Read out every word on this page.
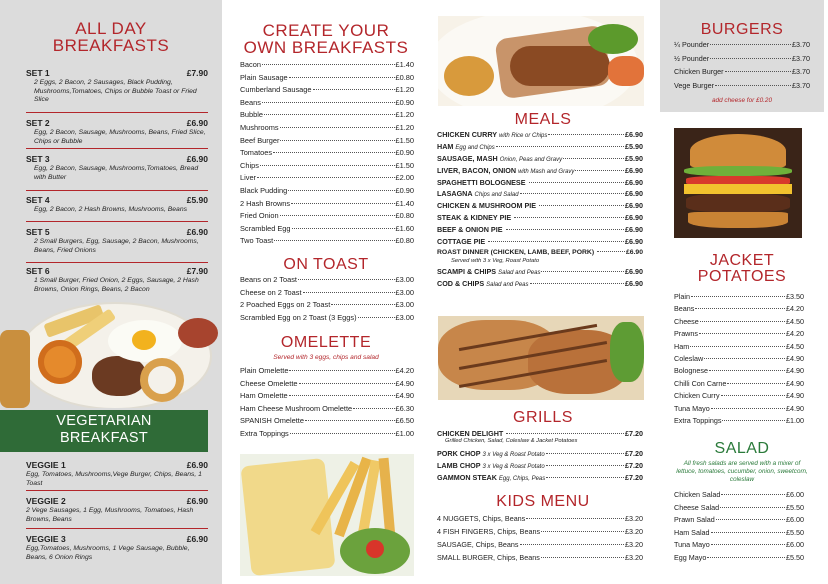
ALL DAY
BREAKFASTS
SET 1	£7.90
2 Eggs, 2 Bacon, 2 Sausages, Black Pudding, Mushrooms,Tomatoes, Chips or Bubble Toast or Fried Slice
SET 2	£6.90
Egg, 2 Bacon, Sausage, Mushrooms, Beans, Fried Slice, Chips or Bubble
SET 3	£6.90
Egg, 2 Bacon, Sausage, Mushrooms,Tomatoes, Bread with Butter
SET 4	£5.90
Egg, 2 Bacon, 2 Hash Browns, Mushrooms, Beans
SET 5	£6.90
2 Small Burgers, Egg, Sausage, 2 Bacon, Mushrooms, Beans, Fried Onions
SET 6	£7.90
1 Small Burger, Fried Onion, 2 Eggs, Sausage, 2 Hash Browns, Onion Rings, Beans, 2 Bacon
VEGETARIAN
BREAKFAST
VEGGIE 1	£6.90
Egg, Tomatoes, Mushrooms,Vege Burger, Chips, Beans, 1 Toast
VEGGIE 2	£6.90
2 Vege Sausages, 1 Egg, Mushrooms, Tomatoes, Hash Browns, Beans
VEGGIE 3	£6.90
Egg,Tomatoes, Mushrooms, 1 Vege Sausage, Bubble, Beans, 6 Onion Rings
CREATE YOUR
OWN BREAKFASTS
Bacon	£1.40
Plain Sausage	£0.80
Cumberland Sausage	£1.20
Beans	£0.90
Bubble	£1.20
Mushrooms	£1.20
Beef Burger	£1.50
Tomatoes	£0.90
Chips	£1.50
Liver	£2.00
Black Pudding	£0.90
2 Hash Browns	£1.40
Fried Onion	£0.80
Scrambled Egg	£1.60
Two Toast	£0.80
ON TOAST
Beans on 2 Toast	£3.00
Cheese on 2 Toast	£3.00
2 Poached Eggs on 2 Toast	£3.00
Scrambled Egg on 2 Toast (3 Eggs)	£3.00
OMELETTE
Served with 3 eggs, chips and salad
Plain Omelette	£4.20
Cheese Omelette	£4.90
Ham Omelette	£4.90
Ham Cheese Mushroom Omelette	£6.30
SPANISH Omelette	£6.50
Extra Toppings	£1.00
MEALS
CHICKEN CURRY with Rice or Chips	£6.90
HAM Egg and Chips	£5.90
SAUSAGE, MASH Onion, Peas and Gravy	£5.90
LIVER, BACON, ONION with Mash and Gravy	£6.90
SPAGHETTI BOLOGNESE	£6.90
LASAGNA Chips and Salad	£6.90
CHICKEN & MUSHROOM PIE	£6.90
STEAK & KIDNEY PIE	£6.90
BEEF & ONION PIE	£6.90
COTTAGE PIE	£6.90
ROAST DINNER (CHICKEN, LAMB, BEEF, PORK)	£6.90
Served with 3 x Veg, Roast Potato
SCAMPI & CHIPS Salad and Peas	£6.90
COD & CHIPS Salad and Peas	£6.90
GRILLS
CHICKEN DELIGHT	£7.20
Grilled Chicken, Salad, Coleslaw & Jacket Potatoes
PORK CHOP 3 x Veg & Roast Potato	£7.20
LAMB CHOP 3 x Veg & Roast Potato	£7.20
GAMMON STEAK Egg, Chips, Peas	£7.20
KIDS MENU
4 NUGGETS, Chips, Beans	£3.20
4 FISH FINGERS, Chips, Beans	£3.20
SAUSAGE, Chips, Beans	£3.20
SMALL BURGER, Chips, Beans	£3.20
BURGERS
¼ Pounder	£3.70
½ Pounder	£3.70
Chicken Burger	£3.70
Vege Burger	£3.70
add cheese for £0.20
JACKET
POTATOES
Plain	£3.50
Beans	£4.20
Cheese	£4.50
Prawns	£4.20
Ham	£4.50
Coleslaw	£4.90
Bolognese	£4.90
Chilli Con Carne	£4.90
Chicken Curry	£4.90
Tuna Mayo	£4.90
Extra Toppings	£1.00
SALAD
All fresh salads are served with a mixer of lettuce, tomatoes, cucumber, onion, sweetcorn, coleslaw
Chicken Salad	£6.00
Cheese Salad	£5.50
Prawn Salad	£6.00
Ham Salad	£5.50
Tuna Mayo	£6.00
Egg Mayo	£5.50
